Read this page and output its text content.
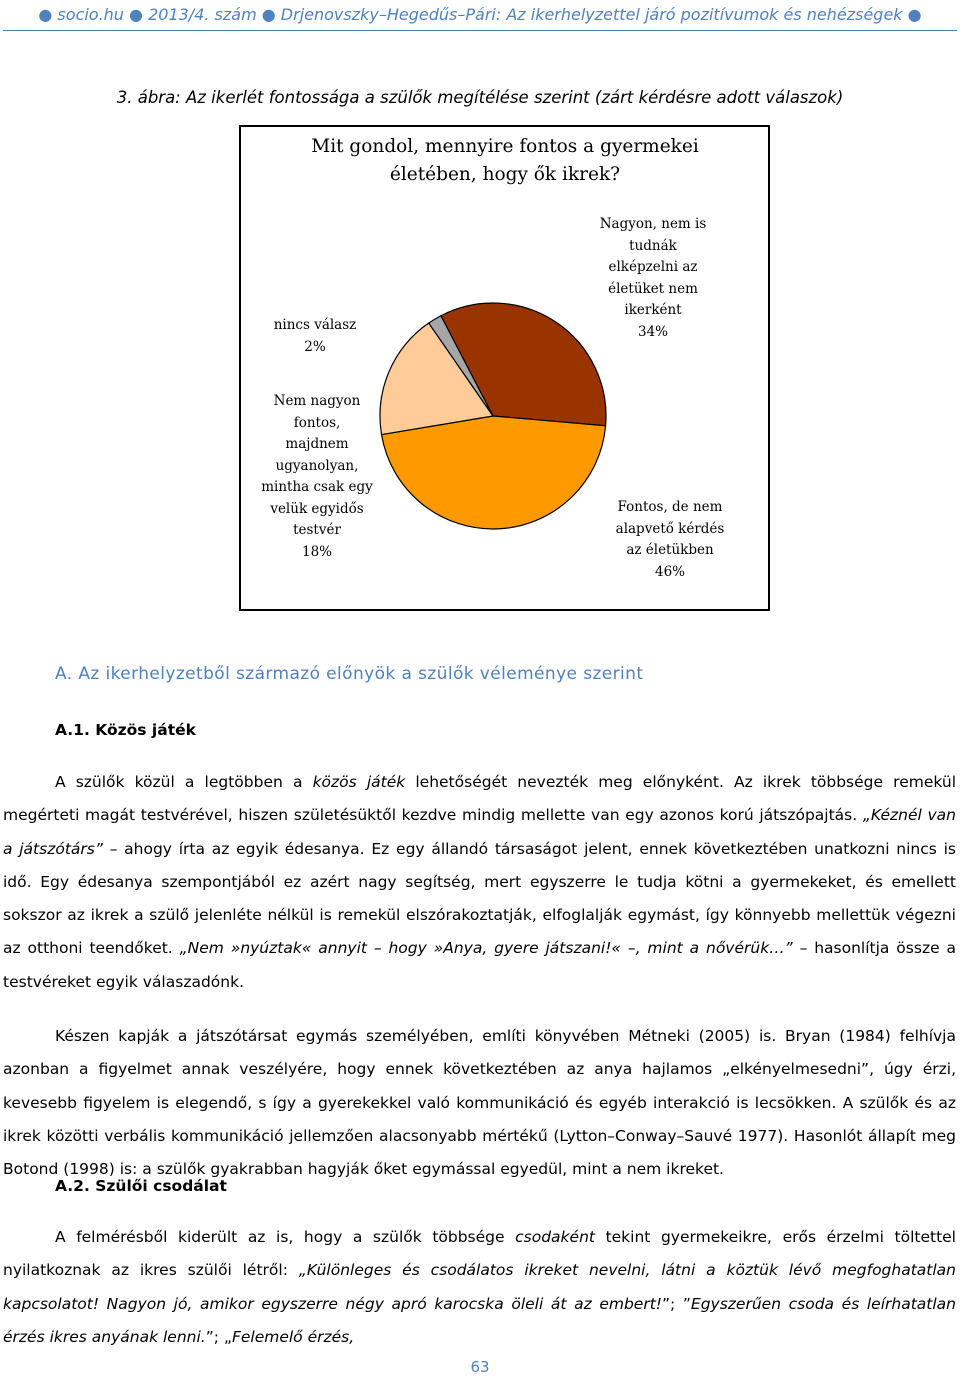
● socio.hu ● 2013/4. szám ● Drjenovszky–Hegedűs–Pári: Az ikerhelyzettel járó pozitívumok és nehézségek ●
3. ábra: Az ikerlét fontossága a szülők megítélése szerint (zárt kérdésre adott válaszok)
Mit gondol, mennyire fontos a gyermekei
életében, hogy ők ikrek?
Nagyon, nem is
tudnák
elképzelni az
életüket nem
ikerként
34%
Fontos, de nem
alapvető kérdés
az életükben
46%
Nem nagyon
fontos,
majdnem
ugyanolyan,
mintha csak egy
velük egyidős
testvér
18%
nincs válasz
2%
A. Az ikerhelyzetből származó előnyök a szülők véleménye szerint
A.1. Közös játék
A szülők közül a legtöbben a közös játék lehetőségét nevezték meg előnyként. Az ikrek többsége remekül megérteti magát testvérével, hiszen születésüktől kezdve mindig mellette van egy azonos korú játszópajtás. „Kéznél van a játszótárs” – ahogy írta az egyik édesanya. Ez egy állandó társaságot jelent, ennek következtében unatkozni nincs is idő. Egy édesanya szempontjából ez azért nagy segítség, mert egyszerre le tudja kötni a gyermekeket, és emellett sokszor az ikrek a szülő jelenléte nélkül is remekül elszórakoztatják, elfoglalják egymást, így könnyebb mellettük végezni az otthoni teendőket. „Nem »nyúztak« annyit – hogy »Anya, gyere játszani!« –, mint a nővérük…” – hasonlítja össze a testvéreket egyik válaszadónk.
Készen kapják a játszótársat egymás személyében, említi könyvében Métneki (2005) is. Bryan (1984) felhívja azonban a figyelmet annak veszélyére, hogy ennek következtében az anya hajlamos „elkényelmesedni”, úgy érzi, kevesebb figyelem is elegendő, s így a gyerekekkel való kommunikáció és egyéb interakció is lecsökken. A szülők és az ikrek közötti verbális kommunikáció jellemzően alacsonyabb mértékű (Lytton–Conway–Sauvé 1977). Hasonlót állapít meg Botond (1998) is: a szülők gyakrabban hagyják őket egymással egyedül, mint a nem ikreket.
A.2. Szülői csodálat
A felmérésből kiderült az is, hogy a szülők többsége csodaként tekint gyermekeikre, erős érzelmi töltettel nyilatkoznak az ikres szülői létről: „Különleges és csodálatos ikreket nevelni, látni a köztük lévő megfoghatatlan kapcsolatot! Nagyon jó, amikor egyszerre négy apró karocska öleli át az embert!”; ”Egyszerűen csoda és leírhatatlan érzés ikres anyának lenni.”; „Felemelő érzés,
63
